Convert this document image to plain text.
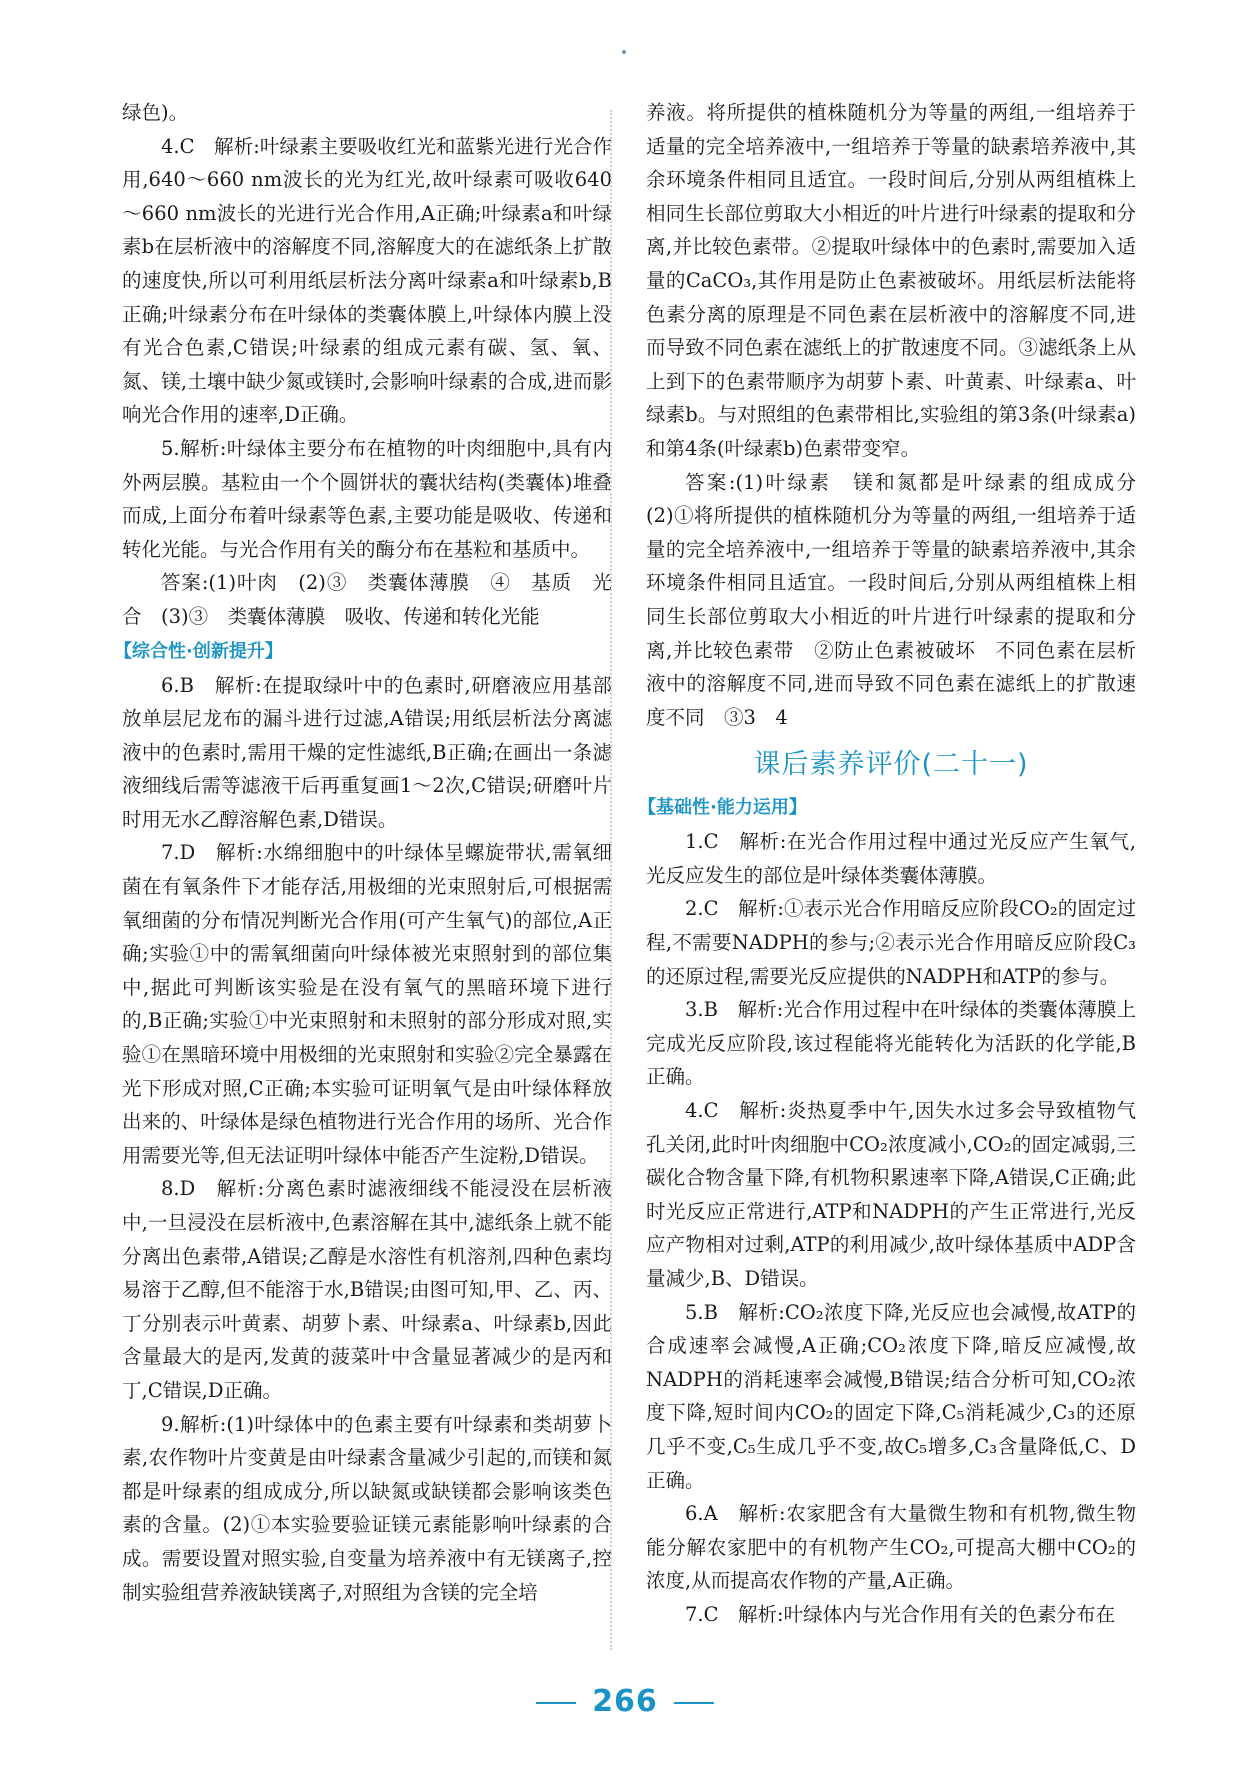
绿色)。

4.C　解析:叶绿素主要吸收红光和蓝紫光进行光合作用,640～660 nm波长的光为红光,故叶绿素可吸收640～660 nm波长的光进行光合作用,A正确;叶绿素a和叶绿素b在层析液中的溶解度不同,溶解度大的在滤纸条上扩散的速度快,所以可利用纸层析法分离叶绿素a和叶绿素b,B正确;叶绿素分布在叶绿体的类囊体膜上,叶绿体内膜上没有光合色素,C错误;叶绿素的组成元素有碳、氢、氧、氮、镁,土壤中缺少氮或镁时,会影响叶绿素的合成,进而影响光合作用的速率,D正确。

5.解析:叶绿体主要分布在植物的叶肉细胞中,具有内外两层膜。基粒由一个个圆饼状的囊状结构(类囊体)堆叠而成,上面分布着叶绿素等色素,主要功能是吸收、传递和转化光能。与光合作用有关的酶分布在基粒和基质中。

答案:(1)叶肉　(2)③　类囊体薄膜　④　基质　光合　(3)③　类囊体薄膜　吸收、传递和转化光能

【综合性·创新提升】

6.B　解析:在提取绿叶中的色素时,研磨液应用基部放单层尼龙布的漏斗进行过滤,A错误;用纸层析法分离滤液中的色素时,需用干燥的定性滤纸,B正确;在画出一条滤液细线后需等滤液干后再重复画1～2次,C错误;研磨叶片时用无水乙醇溶解色素,D错误。

7.D　解析:水绵细胞中的叶绿体呈螺旋带状,需氧细菌在有氧条件下才能存活,用极细的光束照射后,可根据需氧细菌的分布情况判断光合作用(可产生氧气)的部位,A正确;实验①中的需氧细菌向叶绿体被光束照射到的部位集中,据此可判断该实验是在没有氧气的黑暗环境下进行的,B正确;实验①中光束照射和未照射的部分形成对照,实验①在黑暗环境中用极细的光束照射和实验②完全暴露在光下形成对照,C正确;本实验可证明氧气是由叶绿体释放出来的、叶绿体是绿色植物进行光合作用的场所、光合作用需要光等,但无法证明叶绿体中能否产生淀粉,D错误。

8.D　解析:分离色素时滤液细线不能浸没在层析液中,一旦浸没在层析液中,色素溶解在其中,滤纸条上就不能分离出色素带,A错误;乙醇是水溶性有机溶剂,四种色素均易溶于乙醇,但不能溶于水,B错误;由图可知,甲、乙、丙、丁分别表示叶黄素、胡萝卜素、叶绿素a、叶绿素b,因此含量最大的是丙,发黄的菠菜叶中含量显著减少的是丙和丁,C错误,D正确。

9.解析:(1)叶绿体中的色素主要有叶绿素和类胡萝卜素,农作物叶片变黄是由叶绿素含量减少引起的,而镁和氮都是叶绿素的组成成分,所以缺氮或缺镁都会影响该类色素的含量。(2)①本实验要验证镁元素能影响叶绿素的合成。需要设置对照实验,自变量为培养液中有无镁离子,控制实验组营养液缺镁离子,对照组为含镁的完全培

养液。将所提供的植株随机分为等量的两组,一组培养于适量的完全培养液中,一组培养于等量的缺素培养液中,其余环境条件相同且适宜。一段时间后,分别从两组植株上相同生长部位剪取大小相近的叶片进行叶绿素的提取和分离,并比较色素带。②提取叶绿体中的色素时,需要加入适量的CaCO₃,其作用是防止色素被破坏。用纸层析法能将色素分离的原理是不同色素在层析液中的溶解度不同,进而导致不同色素在滤纸上的扩散速度不同。③滤纸条上从上到下的色素带顺序为胡萝卜素、叶黄素、叶绿素a、叶绿素b。与对照组的色素带相比,实验组的第3条(叶绿素a)和第4条(叶绿素b)色素带变窄。

答案:(1)叶绿素　镁和氮都是叶绿素的组成成分(2)①将所提供的植株随机分为等量的两组,一组培养于适量的完全培养液中,一组培养于等量的缺素培养液中,其余环境条件相同且适宜。一段时间后,分别从两组植株上相同生长部位剪取大小相近的叶片进行叶绿素的提取和分离,并比较色素带　②防止色素被破坏　不同色素在层析液中的溶解度不同,进而导致不同色素在滤纸上的扩散速度不同　③3　4

课后素养评价(二十一)
【基础性·能力运用】

1.C　解析:在光合作用过程中通过光反应产生氧气,光反应发生的部位是叶绿体类囊体薄膜。

2.C　解析:①表示光合作用暗反应阶段CO₂的固定过程,不需要NADPH的参与;②表示光合作用暗反应阶段C₃的还原过程,需要光反应提供的NADPH和ATP的参与。

3.B　解析:光合作用过程中在叶绿体的类囊体薄膜上完成光反应阶段,该过程能将光能转化为活跃的化学能,B正确。

4.C　解析:炎热夏季中午,因失水过多会导致植物气孔关闭,此时叶肉细胞中CO₂浓度减小,CO₂的固定减弱,三碳化合物含量下降,有机物积累速率下降,A错误,C正确;此时光反应正常进行,ATP和NADPH的产生正常进行,光反应产物相对过剩,ATP的利用减少,故叶绿体基质中ADP含量减少,B、D错误。

5.B　解析:CO₂浓度下降,光反应也会减慢,故ATP的合成速率会减慢,A正确;CO₂浓度下降,暗反应减慢,故NADPH的消耗速率会减慢,B错误;结合分析可知,CO₂浓度下降,短时间内CO₂的固定下降,C₅消耗减少,C₃的还原几乎不变,C₅生成几乎不变,故C₅增多,C₃含量降低,C、D正确。

6.A　解析:农家肥含有大量微生物和有机物,微生物能分解农家肥中的有机物产生CO₂,可提高大棚中CO₂的浓度,从而提高农作物的产量,A正确。

7.C　解析:叶绿体内与光合作用有关的色素分布在

266
